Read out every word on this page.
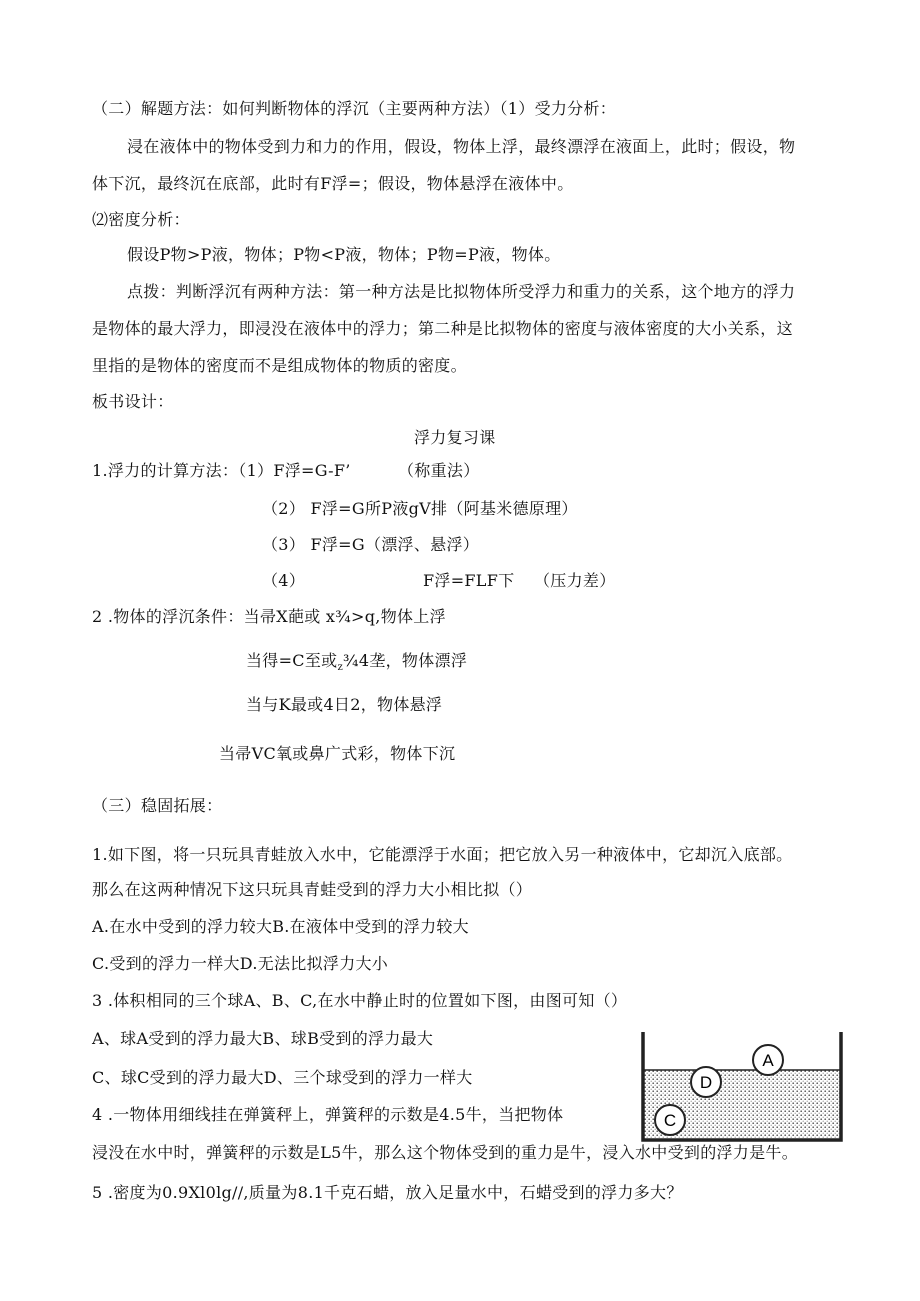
（二）解题方法：如何判断物体的浮沉（主要两种方法）（1）受力分析：
浸在液体中的物体受到力和力的作用，假设，物体上浮，最终漂浮在液面上，此时；假设，物
体下沉，最终沉在底部，此时有F浮=；假设，物体悬浮在液体中。
⑵密度分析：
假设P物>P液，物体；P物<P液，物体；P物=P液，物体。
点拨：判断浮沉有两种方法：第一种方法是比拟物体所受浮力和重力的关系，这个地方的浮力
是物体的最大浮力，即浸没在液体中的浮力；第二种是比拟物体的密度与液体密度的大小关系，这
里指的是物体的密度而不是组成物体的物质的密度。
板书设计：
浮力复习课
1.浮力的计算方法：（1）F浮=G-F’	（称重法）
（2） F浮=G所P液gV排（阿基米德原理）
（3） F浮=G（漂浮、悬浮）
（4）	F浮=FLF下 （压力差）
2 .物体的浮沉条件：当帚X葩或 x¾>q,物体上浮
当得=C至或$_z$¾4垄，物体漂浮
当与K最或4日2，物体悬浮
当帚VC氧或鼻广式彩，物体下沉
（三）稳固拓展：
1.如下图，将一只玩具青蛙放入水中，它能漂浮于水面；把它放入另一种液体中，它却沉入底部。
那么在这两种情况下这只玩具青蛙受到的浮力大小相比拟（）
A.在水中受到的浮力较大B.在液体中受到的浮力较大
C.受到的浮力一样大D.无法比拟浮力大小
3 .体积相同的三个球A、B、C,在水中静止时的位置如下图，由图可知（）
A、球A受到的浮力最大B、球B受到的浮力最大
C、球C受到的浮力最大D、三个球受到的浮力一样大
4 .一物体用细线挂在弹簧秤上，弹簧秤的示数是4.5牛，当把物体
浸没在水中时，弹簧秤的示数是L5牛，那么这个物体受到的重力是牛，浸入水中受到的浮力是牛。
5 .密度为0.9Xl0lg//,质量为8.1千克石蜡，放入足量水中，石蜡受到的浮力多大？
A
D
C
